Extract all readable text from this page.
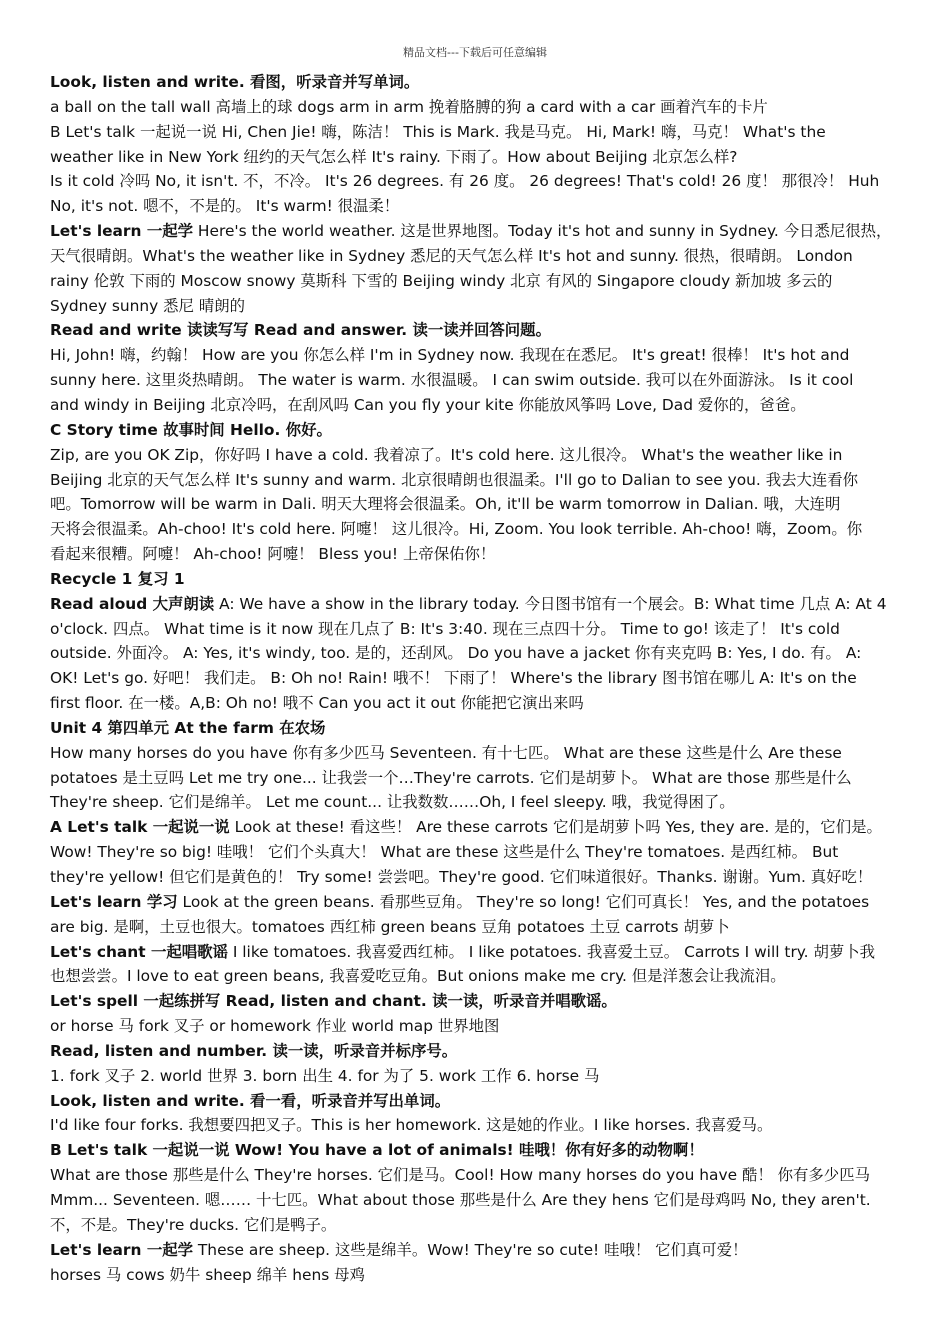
精品文档---下载后可任意编辑
Look, listen and write. 看图，听录音并写单词。
a ball on the tall wall 高墙上的球 dogs arm in arm 挽着胳膊的狗 a card with a car 画着汽车的卡片
B Let's talk 一起说一说 Hi, Chen Jie! 嗨，陈洁！ This is Mark. 我是马克。 Hi, Mark! 嗨，马克！ What's the
weather like in New York 纽约的天气怎么样 It's rainy. 下雨了。How about Beijing 北京怎么样?
Is it cold 冷吗 No, it isn't. 不，不冷。 It's 26 degrees. 有 26 度。 26 degrees! That's cold! 26 度！ 那很冷！ Huh
No, it's not. 嗯不，不是的。 It's warm! 很温柔！
Let's learn 一起学 Here's the world weather. 这是世界地图。Today it's hot and sunny in Sydney. 今日悉尼很热，
天气很晴朗。What's the weather like in Sydney 悉尼的天气怎么样 It's hot and sunny. 很热，很晴朗。 London
rainy 伦敦 下雨的 Moscow snowy 莫斯科 下雪的 Beijing windy 北京 有风的 Singapore cloudy 新加坡 多云的
Sydney sunny 悉尼 晴朗的
Read and write 读读写写 Read and answer. 读一读并回答问题。
Hi, John! 嗨，约翰！ How are you 你怎么样 I'm in Sydney now. 我现在在悉尼。 It's great! 很棒！ It's hot and
sunny here. 这里炎热晴朗。 The water is warm. 水很温暖。 I can swim outside. 我可以在外面游泳。 Is it cool
and windy in Beijing 北京冷吗，在刮风吗 Can you fly your kite 你能放风筝吗 Love, Dad 爱你的，爸爸。
C Story time 故事时间 Hello. 你好。
Zip, are you OK Zip，你好吗 I have a cold. 我着凉了。It's cold here. 这儿很冷。 What's the weather like in
Beijing 北京的天气怎么样 It's sunny and warm. 北京很晴朗也很温柔。I'll go to Dalian to see you. 我去大连看你
吧。Tomorrow will be warm in Dali. 明天大理将会很温柔。Oh, it'll be warm tomorrow in Dalian. 哦，大连明
天将会很温柔。Ah-choo! It's cold here. 阿嚏！ 这儿很冷。Hi, Zoom. You look terrible. Ah-choo! 嗨，Zoom。你
看起来很糟。阿嚏！ Ah-choo! 阿嚏！ Bless you! 上帝保佑你！
Recycle 1 复习 1
Read aloud 大声朗读 A: We have a show in the library today. 今日图书馆有一个展会。B: What time 几点 A: At 4
o'clock. 四点。 What time is it now 现在几点了 B: It's 3:40. 现在三点四十分。 Time to go! 该走了！ It's cold
outside. 外面冷。 A: Yes, it's windy, too. 是的，还刮风。 Do you have a jacket 你有夹克吗 B: Yes, I do. 有。 A:
OK! Let's go. 好吧！ 我们走。 B: Oh no! Rain! 哦不！ 下雨了！ Where's the library 图书馆在哪儿 A: It's on the
first floor. 在一楼。A,B: Oh no! 哦不 Can you act it out 你能把它演出来吗
Unit 4 第四单元 At the farm 在农场
How many horses do you have 你有多少匹马 Seventeen. 有十七匹。 What are these 这些是什么 Are these
potatoes 是土豆吗 Let me try one... 让我尝一个…They're carrots. 它们是胡萝卜。 What are those 那些是什么
They're sheep. 它们是绵羊。 Let me count... 让我数数……Oh, I feel sleepy. 哦，我觉得困了。
A Let's talk 一起说一说 Look at these! 看这些！ Are these carrots 它们是胡萝卜吗 Yes, they are. 是的，它们是。
Wow! They're so big! 哇哦！ 它们个头真大！ What are these 这些是什么 They're tomatoes. 是西红柿。 But
they're yellow! 但它们是黄色的！ Try some! 尝尝吧。They're good. 它们味道很好。Thanks. 谢谢。Yum. 真好吃！
Let's learn 学习 Look at the green beans. 看那些豆角。 They're so long! 它们可真长！ Yes, and the potatoes
are big. 是啊，土豆也很大。tomatoes 西红柿 green beans 豆角 potatoes 土豆 carrots 胡萝卜
Let's chant 一起唱歌谣 I like tomatoes. 我喜爱西红柿。 I like potatoes. 我喜爱土豆。 Carrots I will try. 胡萝卜我
也想尝尝。I love to eat green beans, 我喜爱吃豆角。But onions make me cry. 但是洋葱会让我流泪。
Let's spell 一起练拼写 Read, listen and chant. 读一读，听录音并唱歌谣。
or horse 马 fork 叉子 or homework 作业 world map 世界地图
Read, listen and number. 读一读，听录音并标序号。
1. fork 叉子 2. world 世界 3. born 出生 4. for 为了 5. work 工作 6. horse 马
Look, listen and write. 看一看，听录音并写出单词。
I'd like four forks. 我想要四把叉子。This is her homework. 这是她的作业。I like horses. 我喜爱马。
B Let's talk 一起说一说 Wow! You have a lot of animals! 哇哦！你有好多的动物啊！
What are those 那些是什么 They're horses. 它们是马。Cool! How many horses do you have 酷！ 你有多少匹马
Mmm... Seventeen. 嗯…… 十七匹。What about those 那些是什么 Are they hens 它们是母鸡吗 No, they aren't.
不，不是。They're ducks. 它们是鸭子。
Let's learn 一起学 These are sheep. 这些是绵羊。Wow! They're so cute! 哇哦！ 它们真可爱！
horses 马 cows 奶牛 sheep 绵羊 hens 母鸡
